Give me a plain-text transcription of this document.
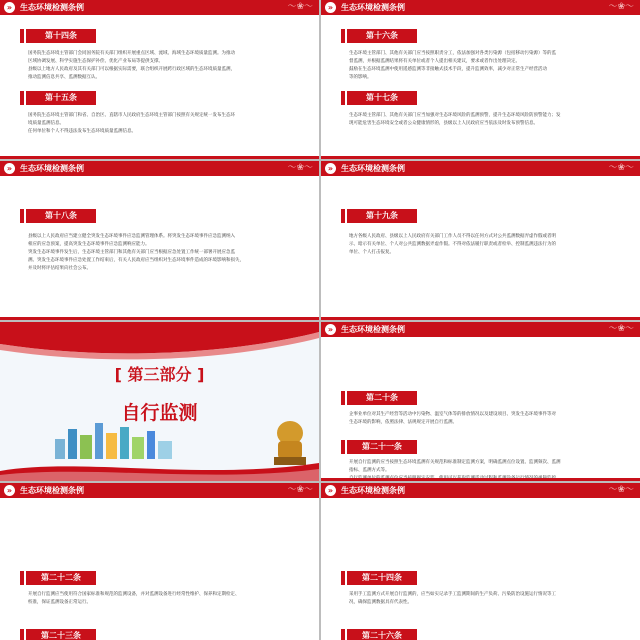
» 生态环境检测条例	～❀～
第十四条

国务院生态环境主管部门会同国务院有关部门组织开展重点区域、流域、海域生态环境质量监测。为推动

区域协调发展、科学实施生态保护补偿、优化产业布局等提供支撑。

县级以上地方人民政府及其有关部门可以根据实际需要，联合组织开展跨行政区域的生态环境质量监测，

推动监测信息共享、监测数据互认。

第十五条

国务院生态环境主管部门和省、自治区、直辖市人民政府生态环境主管部门按照有关规定统一发布生态环

境质量监测信息。

任何单位和个人不得违法发布生态环境质量监测信息。

» 生态环境检测条例	～❀～
第十六条

生态环境主管部门、其他有关部门应当按照职责分工，依法加强对各类污染源（包括移动污染源）等的监

督监测，并根据监测结果将有关单位或者个人提出相关建议，要求或者作出处理决定。

鼓励在生态环境监测中使用遥感监测等非接触式技术手段，提升监测效率，减少对正常生产经营活动

等的影响。

第十七条

生态环境主管部门、其他有关部门应当加强对生态环境风险的监测预警，提升生态环境风险防预警能力；发

现可能危害生态环境安全或者公众健康情形的，县级以上人民政府应当依法及时发布预警信息。

» 生态环境检测条例	～❀～
第十八条

县级以上人民政府应当建立健全突发生态环境事件应急监测管理体系。将突发生态环境事件应急监测纳入

相应的应急预案，提高突发生态环境事件应急监测响应能力。

突发生态环境事件发生后，生态环境主管部门和其他有关部门应当根据应急处置工作统一部署开展应急监

测。突发生态环境事件应急处置工作结束后，有关人民政府应当组织对生态环境事件造成的环境影响和损失，

并及时将评估结果向社会公布。

» 生态环境检测条例	～❀～
第十九条

地方各级人民政府、县级以上人民政府有关部门工作人员不得以任何方式对公共监测数据弄虚作假或者明

示、暗示有关单位、个人对公共监测数据弄虚作假。不得对依法履行职责或者检举、控制监测违法行为的

单位、个人打击报复。

[ 第三部分 ]
自行监测
» 生态环境检测条例	～❀～
第二十条

企事业单位对其生产经营等活动中污染物、温室气体等的排放情况以及建设项目、突发生态环境事件等对

生态环境的影响，依照法律、法规规定开展自行监测。

第二十一条

开展自行监测的应当按照生态环境监测有关规范和标准制定监测方案，明确监测点位设置、监测频次、监测

指标、监测方式等。

» 生态环境检测条例	～❀～
第二十二条

开展自行监测应当使用符合国家标准和规范的监测设备，并对监测设备进行经常性维护、保养和定期检定、

校准，保证监测设备正常运行。

第二十三条
» 生态环境检测条例	～❀～
第二十四条

采用手工监测方式开展自行监测的，应当如实记录手工监测期间的生产负荷、污染防治设施运行情况等工

况，确保监测数据具有代表性。

第二十六条
